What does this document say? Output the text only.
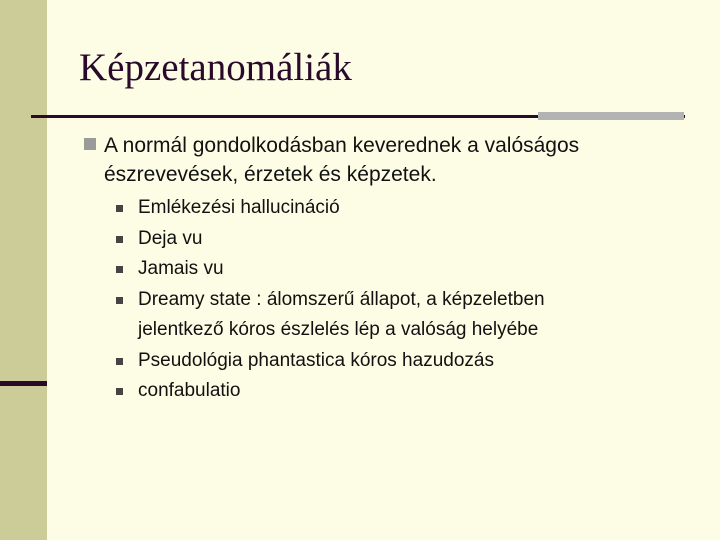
Képzetanomáliák
A normál gondolkodásban keverednek a valóságos
észrevevések, érzetek és képzetek.
Emlékezési hallucináció
Deja vu
Jamais vu
Dreamy state : álomszerű állapot, a képzeletben
jelentkező kóros észlelés lép a valóság helyébe
Pseudológia phantastica kóros hazudozás
confabulatio
